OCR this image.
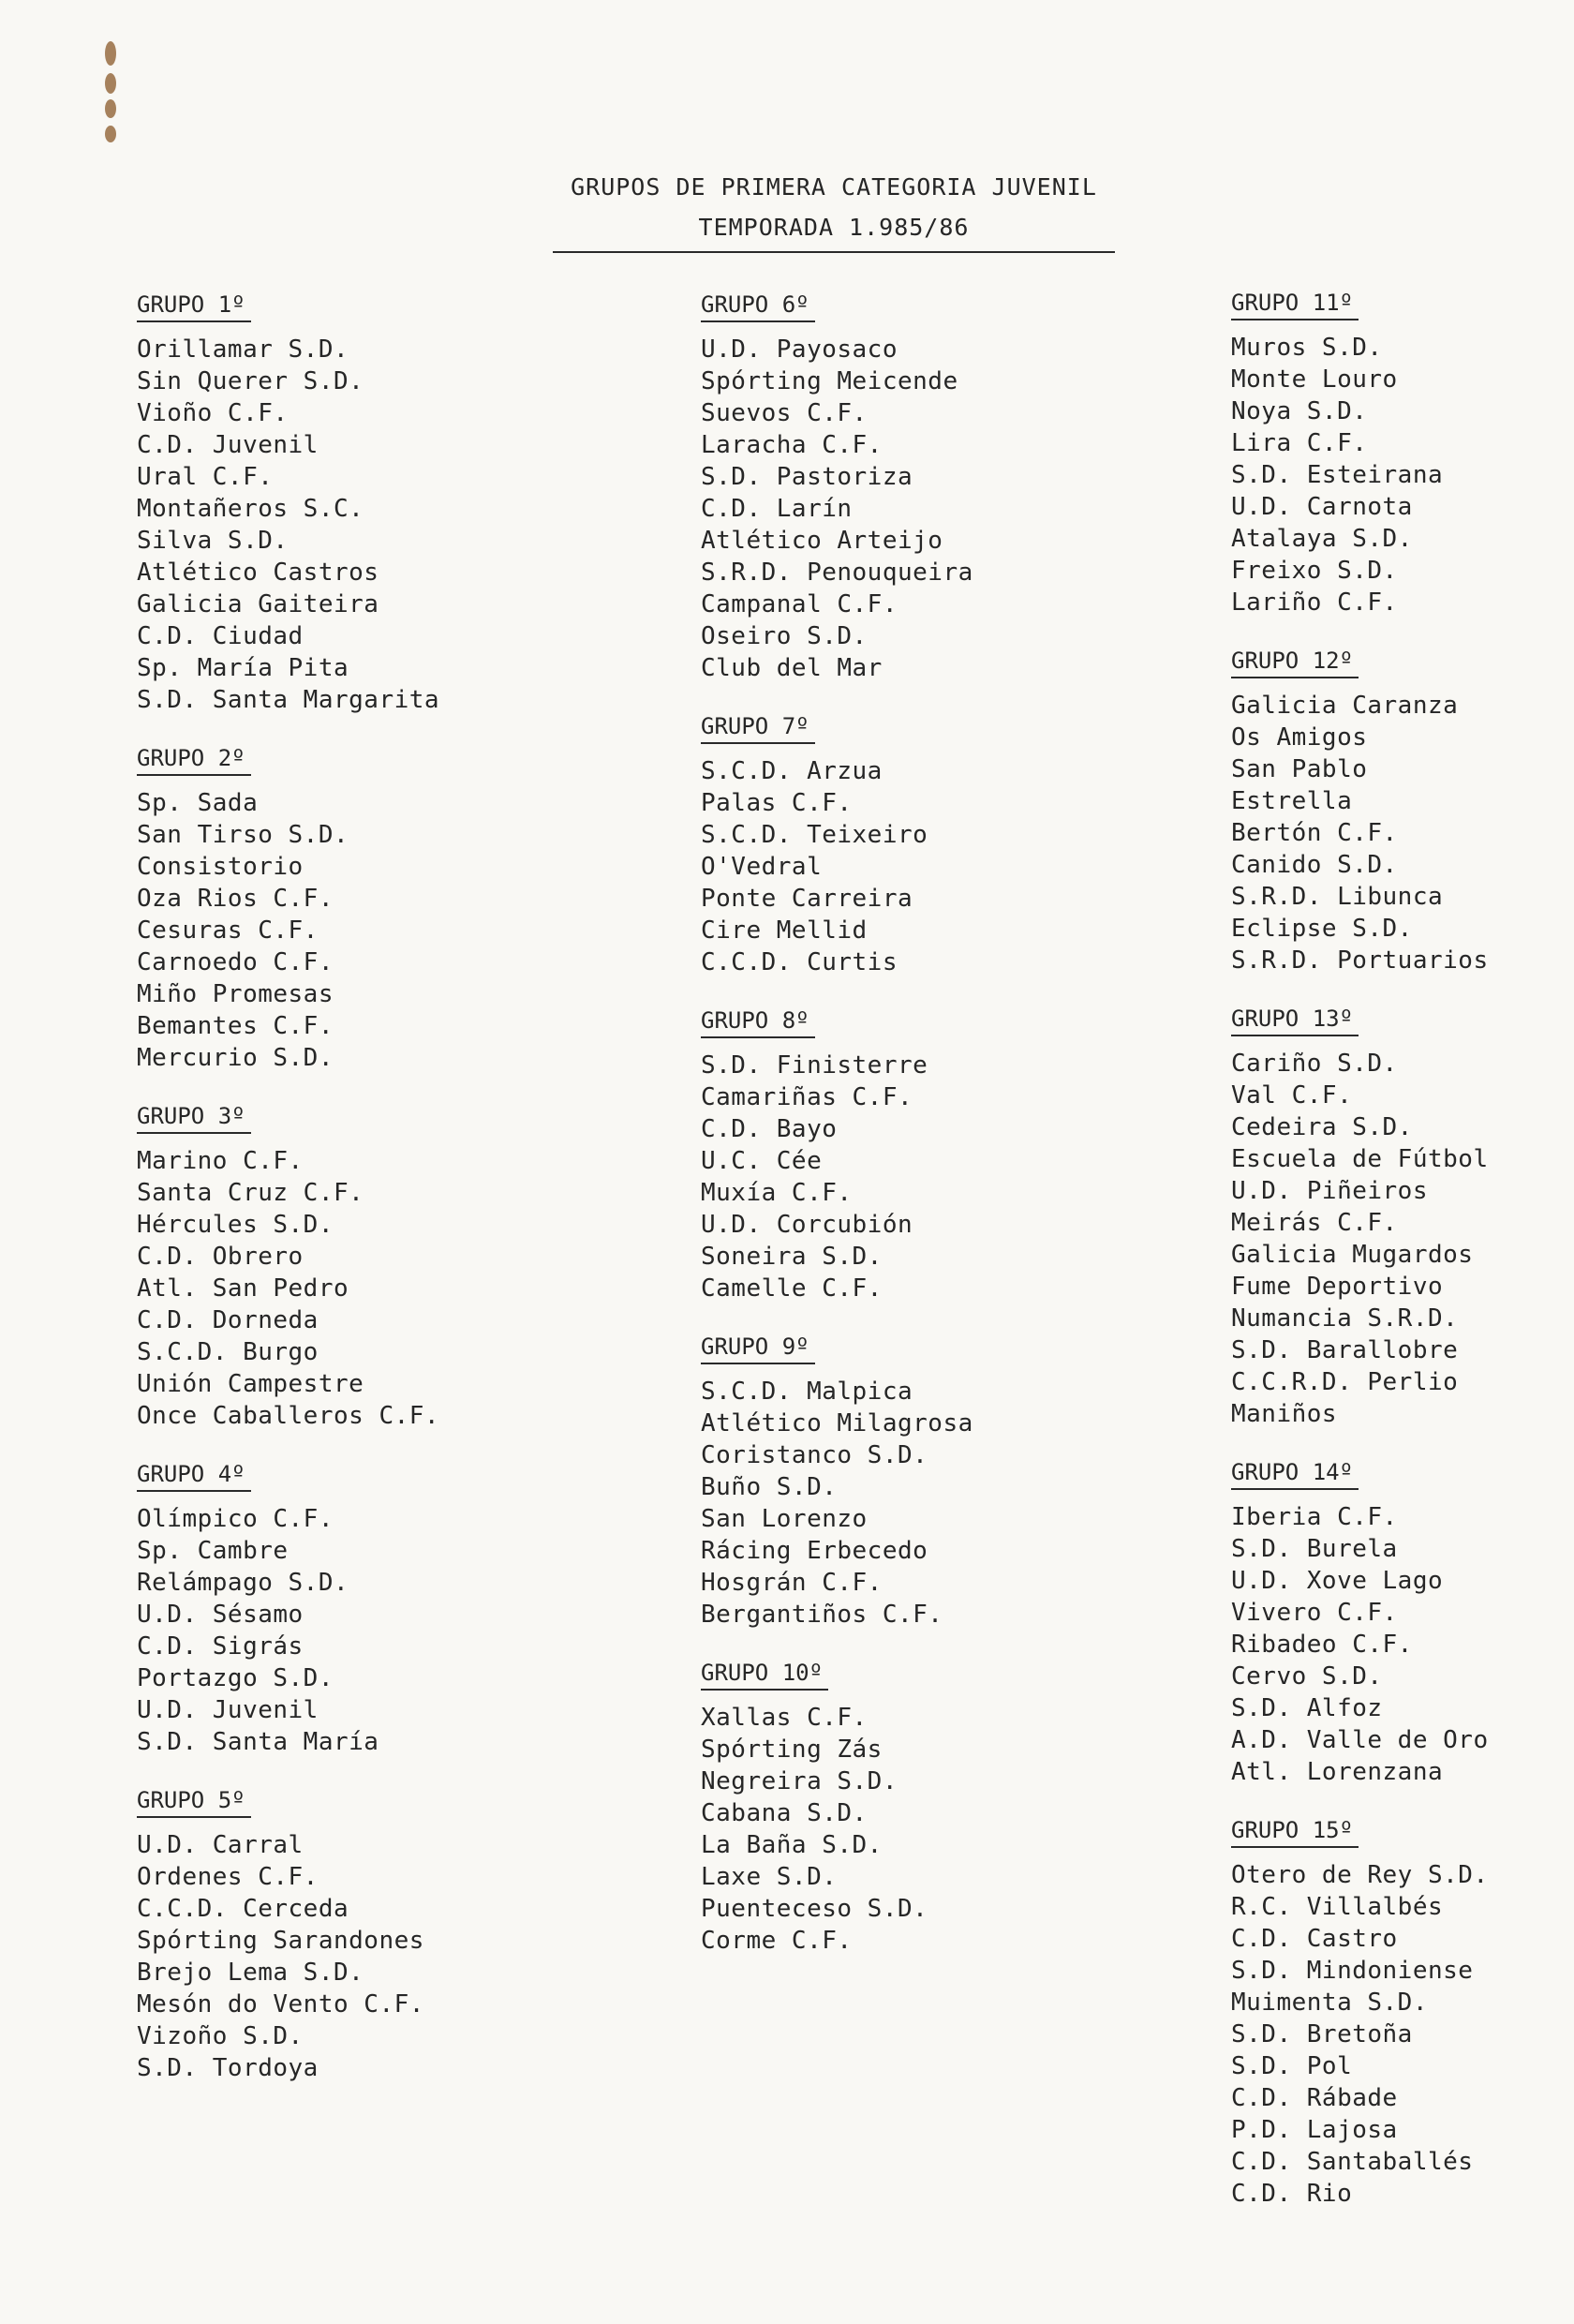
GRUPOS DE PRIMERA CATEGORIA JUVENIL
TEMPORADA 1.985/86
GRUPO 1º
Orillamar S.D.
Sin Querer S.D.
Vioño C.F.
C.D. Juvenil
Ural C.F.
Montañeros S.C.
Silva S.D.
Atlético Castros
Galicia Gaiteira
C.D. Ciudad
Sp. María Pita
S.D. Santa Margarita
GRUPO 2º
Sp. Sada
San Tirso S.D.
Consistorio
Oza Rios C.F.
Cesuras C.F.
Carnoedo C.F.
Miño Promesas
Bemantes C.F.
Mercurio S.D.
GRUPO 3º
Marino C.F.
Santa Cruz C.F.
Hércules S.D.
C.D. Obrero
Atl. San Pedro
C.D. Dorneda
S.C.D. Burgo
Unión Campestre
Once Caballeros C.F.
GRUPO 4º
Olímpico C.F.
Sp. Cambre
Relámpago S.D.
U.D. Sésamo
C.D. Sigrás
Portazgo S.D.
U.D. Juvenil
S.D. Santa María
GRUPO 5º
U.D. Carral
Ordenes C.F.
C.C.D. Cerceda
Spórting Sarandones
Brejo Lema S.D.
Mesón do Vento C.F.
Vizoño S.D.
S.D. Tordoya
GRUPO 6º
U.D. Payosaco
Spórting Meicende
Suevos C.F.
Laracha C.F.
S.D. Pastoriza
C.D. Larín
Atlético Arteijo
S.R.D. Penouqueira
Campanal C.F.
Oseiro S.D.
Club del Mar
GRUPO 7º
S.C.D. Arzua
Palas C.F.
S.C.D. Teixeiro
O'Vedral
Ponte Carreira
Cire Mellid
C.C.D. Curtis
GRUPO 8º
S.D. Finisterre
Camariñas C.F.
C.D. Bayo
U.C. Cée
Muxía C.F.
U.D. Corcubión
Soneira S.D.
Camelle C.F.
GRUPO 9º
S.C.D. Malpica
Atlético Milagrosa
Coristanco S.D.
Buño S.D.
San Lorenzo
Rácing Erbecedo
Hosgrán C.F.
Bergantiños C.F.
GRUPO 10º
Xallas C.F.
Spórting Zás
Negreira S.D.
Cabana S.D.
La Baña S.D.
Laxe S.D.
Puenteceso S.D.
Corme C.F.
GRUPO 11º
Muros S.D.
Monte Louro
Noya S.D.
Lira C.F.
S.D. Esteirana
U.D. Carnota
Atalaya S.D.
Freixo S.D.
Lariño C.F.
GRUPO 12º
Galicia Caranza
Os Amigos
San Pablo
Estrella
Bertón C.F.
Canido S.D.
S.R.D. Libunca
Eclipse S.D.
S.R.D. Portuarios
GRUPO 13º
Cariño S.D.
Val C.F.
Cedeira S.D.
Escuela de Fútbol
U.D. Piñeiros
Meirás C.F.
Galicia Mugardos
Fume Deportivo
Numancia S.R.D.
S.D. Barallobre
C.C.R.D. Perlio
Maniños
GRUPO 14º
Iberia C.F.
S.D. Burela
U.D. Xove Lago
Vivero C.F.
Ribadeo C.F.
Cervo S.D.
S.D. Alfoz
A.D. Valle de Oro
Atl. Lorenzana
GRUPO 15º
Otero de Rey S.D.
R.C. Villalbés
C.D. Castro
S.D. Mindoniense
Muimenta S.D.
S.D. Bretoña
S.D. Pol
C.D. Rábade
P.D. Lajosa
C.D. Santaballés
C.D. Rio
